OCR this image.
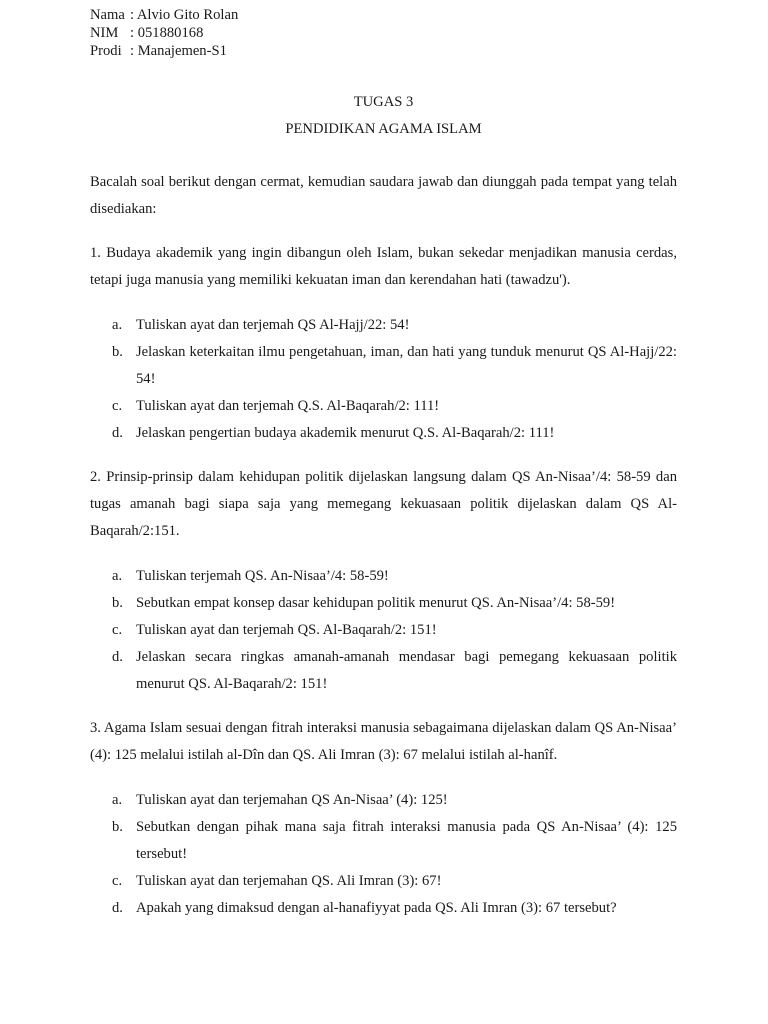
Nama : Alvio Gito Rolan
NIM : 051880168
Prodi : Manajemen-S1
TUGAS 3
PENDIDIKAN AGAMA ISLAM
Bacalah soal berikut dengan cermat, kemudian saudara jawab dan diunggah pada tempat yang telah disediakan:
1. Budaya akademik yang ingin dibangun oleh Islam, bukan sekedar menjadikan manusia cerdas, tetapi juga manusia yang memiliki kekuatan iman dan kerendahan hati (tawadzu').
a. Tuliskan ayat dan terjemah QS Al-Hajj/22: 54!
b. Jelaskan keterkaitan ilmu pengetahuan, iman, dan hati yang tunduk menurut QS Al-Hajj/22: 54!
c. Tuliskan ayat dan terjemah Q.S. Al-Baqarah/2: 111!
d. Jelaskan pengertian budaya akademik menurut Q.S. Al-Baqarah/2: 111!
2. Prinsip-prinsip dalam kehidupan politik dijelaskan langsung dalam QS An-Nisaa’/4: 58-59 dan tugas amanah bagi siapa saja yang memegang kekuasaan politik dijelaskan dalam QS Al-Baqarah/2:151.
a. Tuliskan terjemah QS. An-Nisaa’/4: 58-59!
b. Sebutkan empat konsep dasar kehidupan politik menurut QS. An-Nisaa’/4: 58-59!
c. Tuliskan ayat dan terjemah QS. Al-Baqarah/2: 151!
d. Jelaskan secara ringkas amanah-amanah mendasar bagi pemegang kekuasaan politik menurut QS. Al-Baqarah/2: 151!
3. Agama Islam sesuai dengan fitrah interaksi manusia sebagaimana dijelaskan dalam QS An-Nisaa’ (4): 125 melalui istilah al-Dîn dan QS. Ali Imran (3): 67 melalui istilah al-hanîf.
a. Tuliskan ayat dan terjemahan QS An-Nisaa’ (4): 125!
b. Sebutkan dengan pihak mana saja fitrah interaksi manusia pada QS An-Nisaa’ (4): 125 tersebut!
c. Tuliskan ayat dan terjemahan QS. Ali Imran (3): 67!
d. Apakah yang dimaksud dengan al-hanafiyyat pada QS. Ali Imran (3): 67 tersebut?
